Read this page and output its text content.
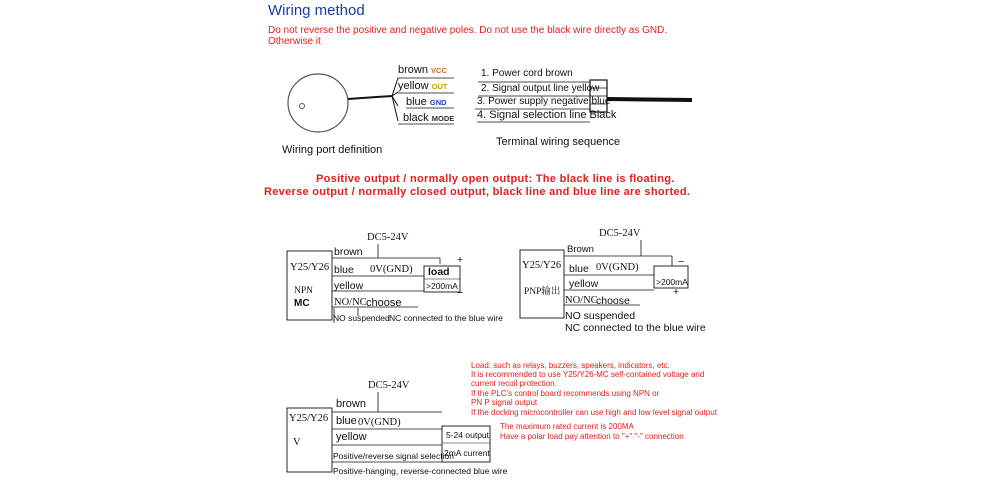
Wiring method
Do not reverse the positive and negative poles. Do not use the black wire directly as GND.
Otherwise it
brown VCC
yellow OUT
blue GND
black MODE
1. Power cord brown
2. Signal output line yellow
3. Power supply negative blue
4. Signal selection line Black
Wiring port definition
Terminal wiring sequence
Positive output / normally open output: The black line is floating.
Reverse output / normally closed output, black line and blue line are shorted.
DC5-24V
Y25/Y26
NPN
MC
brown
blue 0V(GND)
yellow
load
>200mA
+
−
NO/NC choose
NO suspended NC connected to the blue wire
DC5-24V
Y25/Y26
PNP输出
Brown
blue 0V(GND)
yellow	>200mA
+
−
NO/NC
choose
NO suspended
NC connected to the blue wire
DC5-24V
Y25/Y26
V
brown
blue 0V(GND)
yellow	5-24 output
2mA current
Positive/reverse signal selection
Positive-hanging, reverse-connected blue wire
Load: such as relays, buzzers, speakers, indicators, etc.
It is recommended to use Y25/Y26-MC self-contained voltage and
current recoil protection.
If the PLC's control board recommends using NPN or
PN P signal output
If the docking microcontroller can use high and low level signal output
The maximum rated current is 200MA
Have a polar load pay attention to "+" "-" connection
